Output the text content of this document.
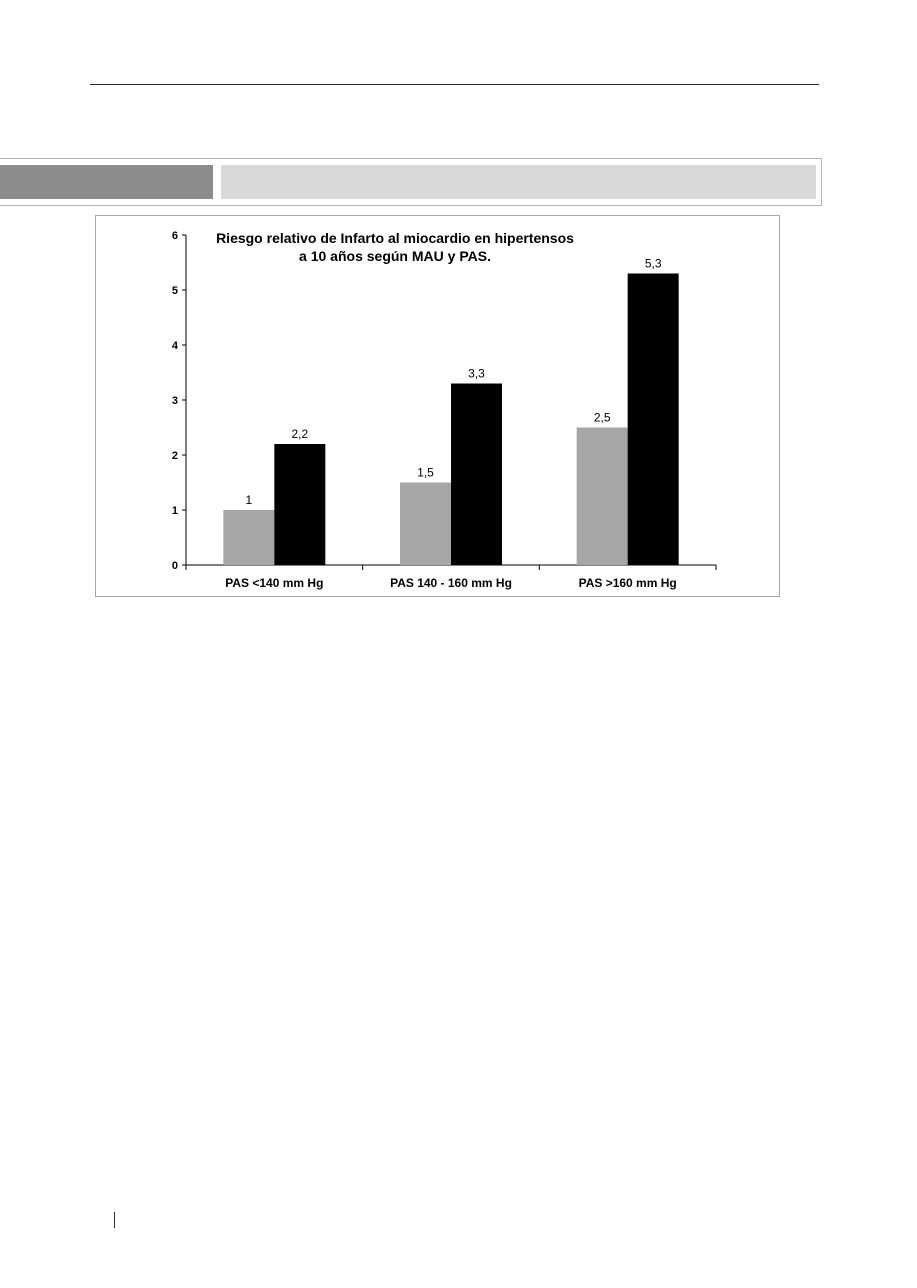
0
1
2
3
4
5
6
PAS <140 mm Hg	PAS 140 - 160 mm Hg	PAS >160 mm Hg
1
2,2
1,5
3,3
2,5
5,3
Riesgo relativo de Infarto al miocardio en hipertensos
a 10 años según MAU y PAS.
